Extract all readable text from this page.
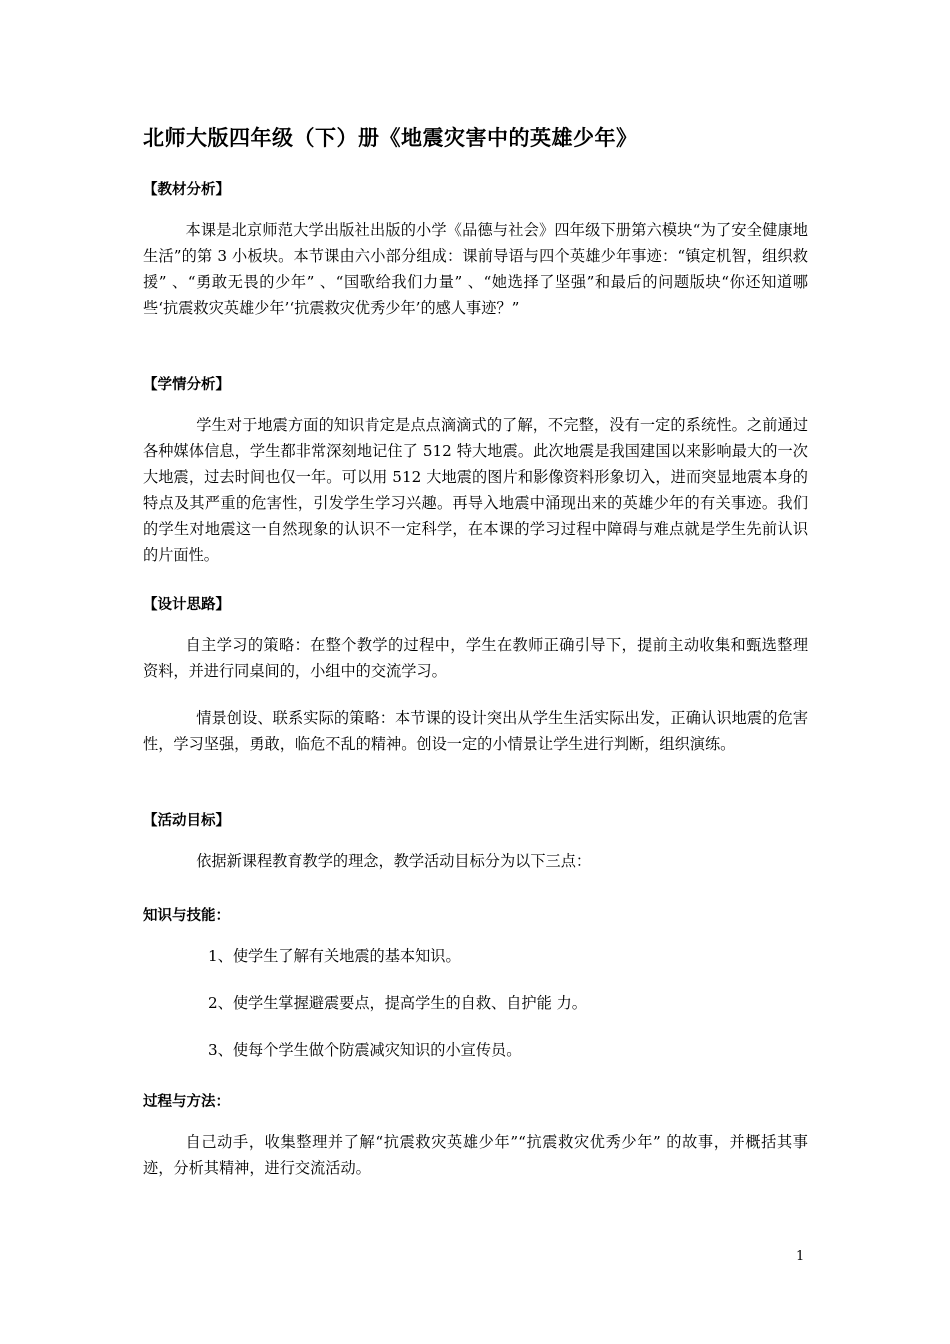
北师大版四年级（下）册《地震灾害中的英雄少年》
【教材分析】
本课是北京师范大学出版社出版的小学《品德与社会》四年级下册第六模块“为了安全健康地生活”的第 3 小板块。本节课由六小部分组成：课前导语与四个英雄少年事迹：“镇定机智，组织救援” 、“勇敢无畏的少年” 、“国歌给我们力量” 、“她选择了坚强”和最后的问题版块“你还知道哪些‘抗震救灾英雄少年’‘抗震救灾优秀少年’的感人事迹？”
【学情分析】
学生对于地震方面的知识肯定是点点滴滴式的了解，不完整，没有一定的系统性。之前通过各种媒体信息，学生都非常深刻地记住了 512 特大地震。此次地震是我国建国以来影响最大的一次大地震，过去时间也仅一年。可以用 512 大地震的图片和影像资料形象切入，进而突显地震本身的特点及其严重的危害性，引发学生学习兴趣。再导入地震中涌现出来的英雄少年的有关事迹。我们的学生对地震这一自然现象的认识不一定科学，在本课的学习过程中障碍与难点就是学生先前认识的片面性。
【设计思路】
自主学习的策略：在整个教学的过程中，学生在教师正确引导下，提前主动收集和甄选整理资料，并进行同桌间的，小组中的交流学习。
情景创设、联系实际的策略：本节课的设计突出从学生生活实际出发，正确认识地震的危害性，学习坚强，勇敢，临危不乱的精神。创设一定的小情景让学生进行判断，组织演练。
【活动目标】
依据新课程教育教学的理念，教学活动目标分为以下三点：
知识与技能：
1、使学生了解有关地震的基本知识。
2、使学生掌握避震要点，提高学生的自救、自护能 力。
3、使每个学生做个防震减灾知识的小宣传员。
过程与方法：
自己动手，收集整理并了解“抗震救灾英雄少年”“抗震救灾优秀少年” 的故事，并概括其事迹，分析其精神，进行交流活动。
1
